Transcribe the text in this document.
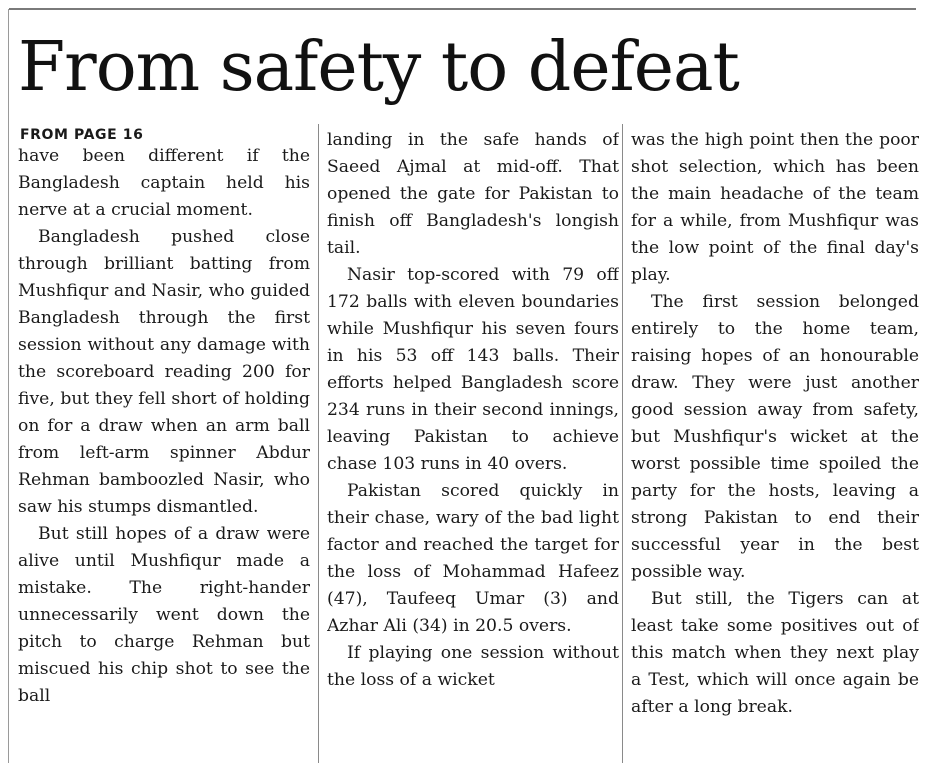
From safety to defeat

FROM PAGE 16

have been different if the Bangladesh captain held his nerve at a crucial moment.

Bangladesh pushed close through brilliant batting from Mushfiqur and Nasir, who guided Bangladesh through the first session without any damage with the scoreboard reading 200 for five, but they fell short of holding on for a draw when an arm ball from left-arm spinner Abdur Rehman bamboozled Nasir, who saw his stumps dismantled.

But still hopes of a draw were alive until Mushfiqur made a mistake. The right-hander unnecessarily went down the pitch to charge Rehman but miscued his chip shot to see the ball

landing in the safe hands of Saeed Ajmal at mid-off. That opened the gate for Pakistan to finish off Bangladesh's longish tail.

Nasir top-scored with 79 off 172 balls with eleven boundaries while Mushfiqur his seven fours in his 53 off 143 balls. Their efforts helped Bangladesh score 234 runs in their second innings, leaving Pakistan to achieve chase 103 runs in 40 overs.

Pakistan scored quickly in their chase, wary of the bad light factor and reached the target for the loss of Mohammad Hafeez (47), Taufeeq Umar (3) and Azhar Ali (34) in 20.5 overs.

If playing one session without the loss of a wicket

was the high point then the poor shot selection, which has been the main headache of the team for a while, from Mushfiqur was the low point of the final day's play.

The first session belonged entirely to the home team, raising hopes of an honourable draw. They were just another good session away from safety, but Mushfiqur's wicket at the worst possible time spoiled the party for the hosts, leaving a strong Pakistan to end their successful year in the best possible way.

But still, the Tigers can at least take some positives out of this match when they next play a Test, which will once again be after a long break.
